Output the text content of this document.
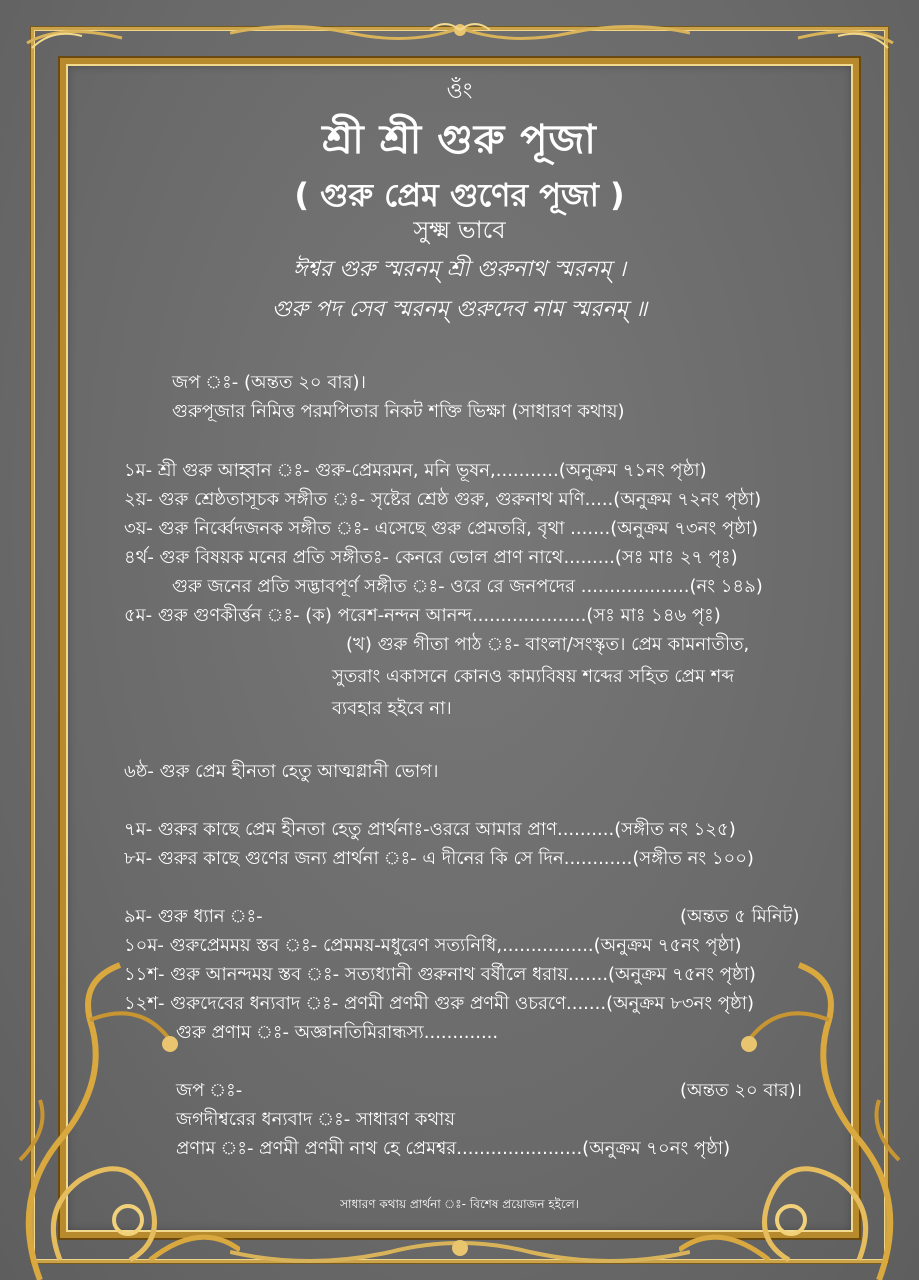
ওঁং
শ্রী শ্রী গুরু পূজা
( গুরু প্রেম গুণের পূজা )
সুক্ষ্ম ভাবে
ঈশ্বর গুরু স্মরনম্ শ্রী গুরুনাথ স্মরনম্ ।
গুরু পদ সেব স্মরনম্ গুরুদেব নাম স্মরনম্ ॥
জপ ঃ- (অন্তত ২০ বার)।
গুরুপূজার নিমিত্ত পরমপিতার নিকট শক্তি ভিক্ষা (সাধারণ কথায়)
১ম- শ্রী গুরু আহ্বান ঃ- গুরু-প্রেমরমন, মনি ভূষন,...........(অনুক্রম ৭১নং পৃষ্ঠা)
২য়- গুরু শ্রেষ্ঠতাসূচক সঙ্গীত ঃ- সৃষ্টের শ্রেষ্ঠ গুরু, গুরুনাথ মণি.....(অনুক্রম ৭২নং পৃষ্ঠা)
৩য়- গুরু নির্ব্বেদজনক সঙ্গীত ঃ- এসেছে গুরু প্রেমতরি, বৃথা .......(অনুক্রম ৭৩নং পৃষ্ঠা)
৪র্থ- গুরু বিষয়ক মনের প্রতি সঙ্গীতঃ- কেনরে ভোল প্রাণ নাথে.........(সঃ মাঃ ২৭ পৃঃ)
গুরু জনের প্রতি সদ্ভাবপূর্ণ সঙ্গীত ঃ- ওরে রে জনপদের ...................(নং ১৪৯)
৫ম- গুরু গুণকীর্ত্তন ঃ- (ক) পরেশ-নন্দন আনন্দ....................(সঃ মাঃ ১৪৬ পৃঃ)
(খ) গুরু গীতা পাঠ ঃ- বাংলা/সংস্কৃত। প্রেম কামনাতীত,
সুতরাং একাসনে কোনও কাম্যবিষয় শব্দের সহিত প্রেম শব্দ
ব্যবহার হইবে না।
৬ষ্ঠ- গুরু প্রেম হীনতা হেতু আত্মগ্লানী ভোগ।
৭ম- গুরুর কাছে প্রেম হীনতা হেতু প্রার্থনাঃ-ওররে আমার প্রাণ..........(সঙ্গীত নং ১২৫)
৮ম- গুরুর কাছে গুণের জন্য প্রার্থনা ঃ- এ দীনের কি সে দিন............(সঙ্গীত নং ১০০)
৯ম- গুরু ধ্যান ঃ-	(অন্তত ৫ মিনিট)
১০ম- গুরুপ্রেমময় স্তব ঃ- প্রেমময়-মধুরেণ সত্যনিধি,................(অনুক্রম ৭৫নং পৃষ্ঠা)
১১শ- গুরু আনন্দময় স্তব ঃ- সত্যধ্যানী গুরুনাথ বর্ষীলে ধরায়.......(অনুক্রম ৭৫নং পৃষ্ঠা)
১২শ- গুরুদেবের ধন্যবাদ ঃ- প্রণমী প্রণমী গুরু প্রণমী ওচরণে.......(অনুক্রম ৮৩নং পৃষ্ঠা)
গুরু প্রণাম ঃ- অজ্ঞানতিমিরান্ধস্য.............
জপ ঃ-	(অন্তত ২০ বার)।
জগদীশ্বরের ধন্যবাদ ঃ- সাধারণ কথায়
প্রণাম ঃ- প্রণমী প্রণমী নাথ হে প্রেমশ্বর......................(অনুক্রম ৭০নং পৃষ্ঠা)
সাধারণ কথায় প্রার্থনা ঃ- বিশেষ প্রয়োজন হইলে।
